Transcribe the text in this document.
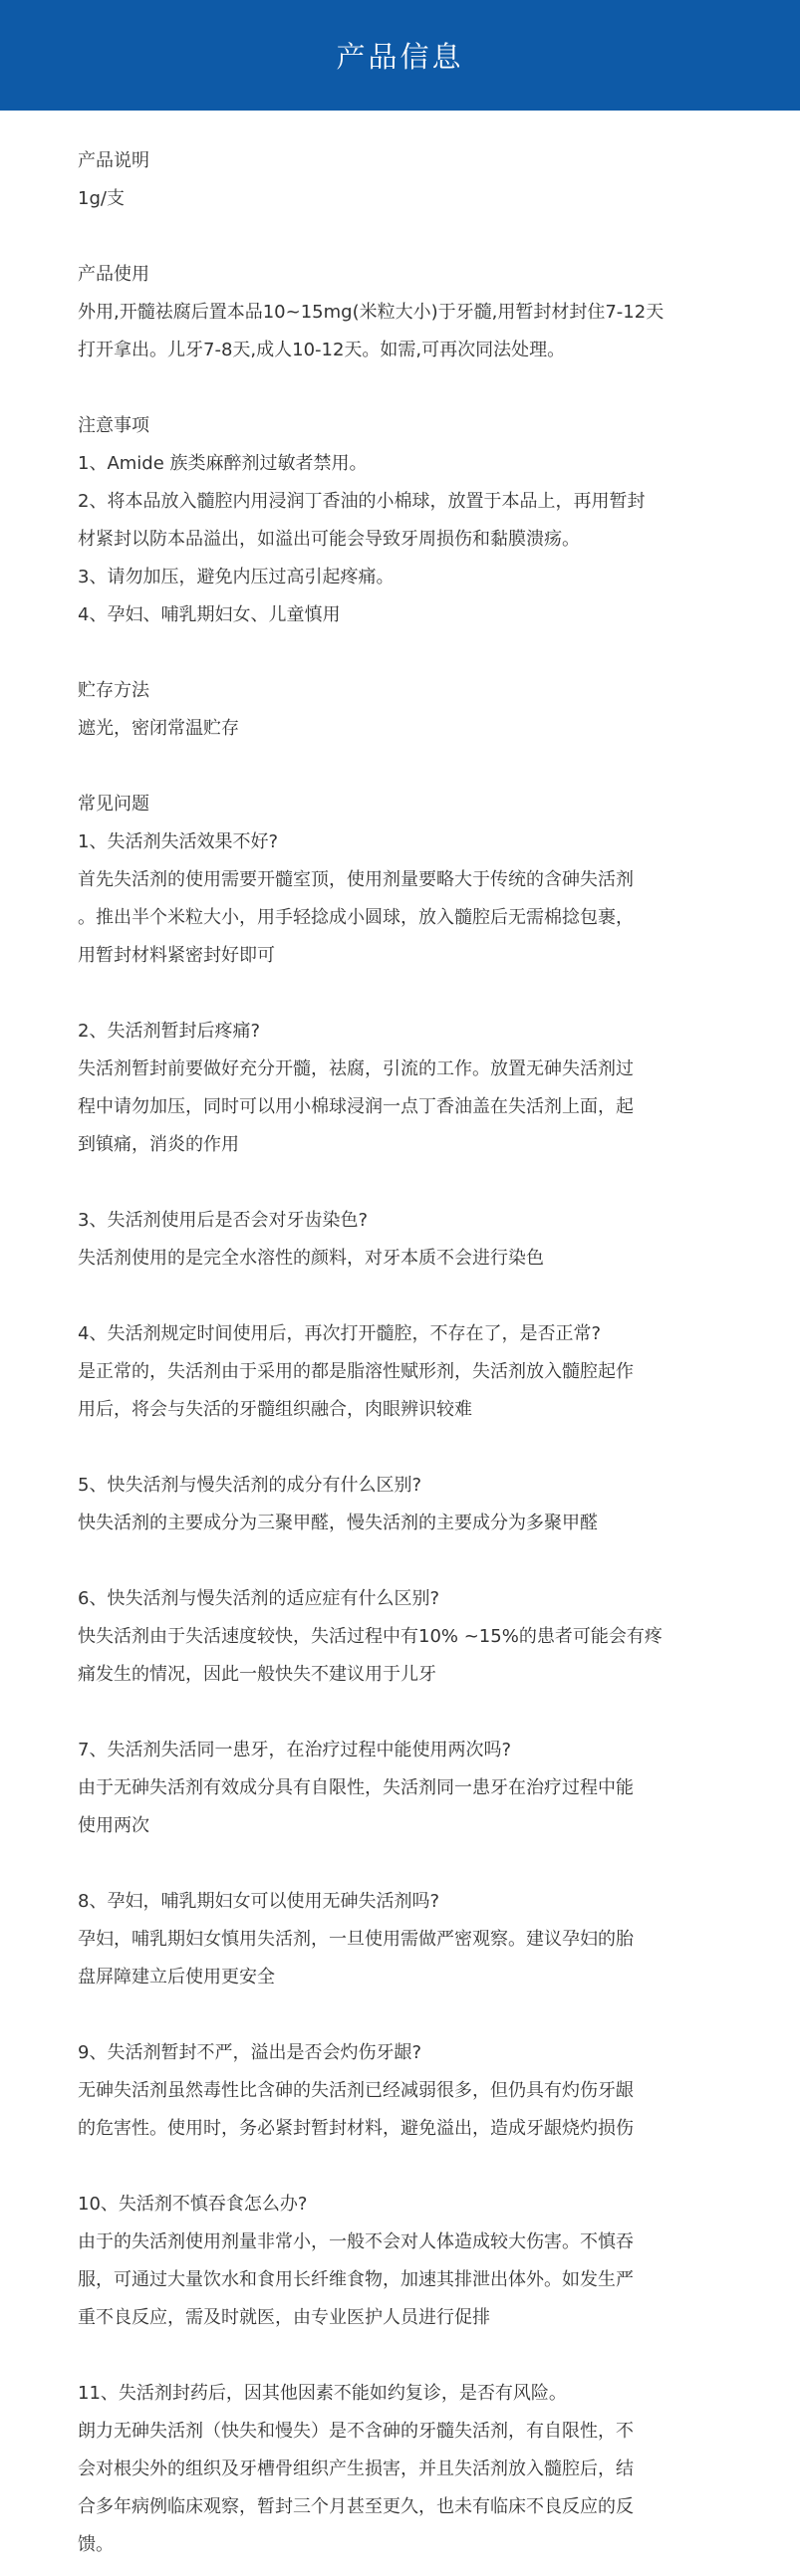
产品信息

产品说明

1g/支

产品使用

外用,开髓祛腐后置本品10~15mg(米粒大小)于牙髓,用暂封材封住7-12天

打开拿出。儿牙7-8天,成人10-12天。如需,可再次同法处理。

注意事项

1、Amide 族类麻醉剂过敏者禁用。

2、将本品放入髓腔内用浸润丁香油的小棉球，放置于本品上，再用暂封

材紧封以防本品溢出，如溢出可能会导致牙周损伤和黏膜溃疡。

3、请勿加压，避免内压过高引起疼痛。

4、孕妇、哺乳期妇女、儿童慎用

贮存方法

遮光，密闭常温贮存

常见问题

1、失活剂失活效果不好?

首先失活剂的使用需要开髓室顶，使用剂量要略大于传统的含砷失活剂

。推出半个米粒大小，用手轻捻成小圆球，放入髓腔后无需棉捻包裹，

用暂封材料紧密封好即可

2、失活剂暂封后疼痛?

失活剂暂封前要做好充分开髓，祛腐，引流的工作。放置无砷失活剂过

程中请勿加压，同时可以用小棉球浸润一点丁香油盖在失活剂上面，起

到镇痛，消炎的作用

3、失活剂使用后是否会对牙齿染色?

失活剂使用的是完全水溶性的颜料，对牙本质不会进行染色

4、失活剂规定时间使用后，再次打开髓腔，不存在了，是否正常?

是正常的，失活剂由于采用的都是脂溶性赋形剂，失活剂放入髓腔起作

用后，将会与失活的牙髓组织融合，肉眼辨识较难

5、快失活剂与慢失活剂的成分有什么区别?

快失活剂的主要成分为三聚甲醛，慢失活剂的主要成分为多聚甲醛

6、快失活剂与慢失活剂的适应症有什么区别?

快失活剂由于失活速度较快，失活过程中有10% ~15%的患者可能会有疼

痛发生的情况，因此一般快失不建议用于儿牙

7、失活剂失活同一患牙，在治疗过程中能使用两次吗?

由于无砷失活剂有效成分具有自限性，失活剂同一患牙在治疗过程中能

使用两次

8、孕妇，哺乳期妇女可以使用无砷失活剂吗?

孕妇，哺乳期妇女慎用失活剂，一旦使用需做严密观察。建议孕妇的胎

盘屏障建立后使用更安全

9、失活剂暂封不严，溢出是否会灼伤牙龈?

无砷失活剂虽然毒性比含砷的失活剂已经减弱很多，但仍具有灼伤牙龈

的危害性。使用时，务必紧封暂封材料，避免溢出，造成牙龈烧灼损伤

10、失活剂不慎吞食怎么办?

由于的失活剂使用剂量非常小，一般不会对人体造成较大伤害。不慎吞

服，可通过大量饮水和食用长纤维食物，加速其排泄出体外。如发生严

重不良反应，需及时就医，由专业医护人员进行促排

11、失活剂封药后，因其他因素不能如约复诊，是否有风险。

朗力无砷失活剂（快失和慢失）是不含砷的牙髓失活剂，有自限性，不

会对根尖外的组织及牙槽骨组织产生损害，并且失活剂放入髓腔后，结

合多年病例临床观察，暂封三个月甚至更久，也未有临床不良反应的反

馈。
